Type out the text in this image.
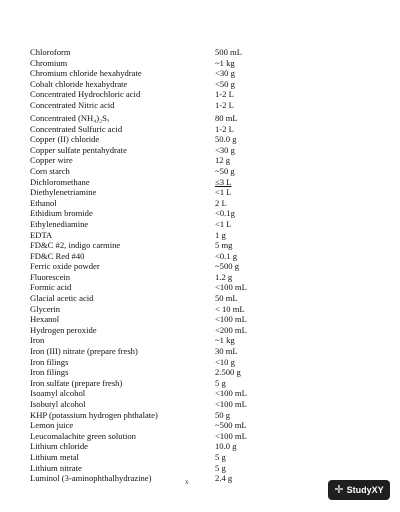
Chloroform	500 mL
Chromium	~1 kg
Chromium chloride hexahydrate	<30 g
Cobalt chloride hexahydrate	<50 g
Concentrated Hydrochloric acid	1-2 L
Concentrated Nitric acid	1-2 L
Concentrated (NH₄)₂Sₓ	80 mL
Concentrated Sulfuric acid	1-2 L
Copper (II) chloride	50.0 g
Copper sulfate pentahydrate	<30 g
Copper wire	12 g
Corn starch	~50 g
Dichloromethane	≤3 L
Diethylenetriamine	<1 L
Ethanol	2 L
Ethidium bromide	<0.1g
Ethylenediamine	<1 L
EDTA	1 g
FD&C #2, indigo carmine	5 mg
FD&C Red #40	<0.1 g
Ferric oxide powder	~500 g
Fluorescein	1.2 g
Formic acid	<100 mL
Glacial acetic acid	50 mL
Glycerin	< 10 mL
Hexanol	<100 mL
Hydrogen peroxide	<200 mL
Iron	~1 kg
Iron (III) nitrate (prepare fresh)	30 mL
Iron filings	<10 g
Iron filings	2.500 g
Iron sulfate (prepare fresh)	5 g
Isoamyl alcohol	<100 mL
Isobutyl alcohol	<100 mL
KHP (potassium hydrogen phthalate)	50 g
Lemon juice	~500 mL
Leucomalachite green solution	<100 mL
Lithium chloride	10.0 g
Lithium metal	5 g
Lithium nitrate	5 g
Luminol (3-aminophthalhydrazine)	2.4 g
x
✛ StudyXY
